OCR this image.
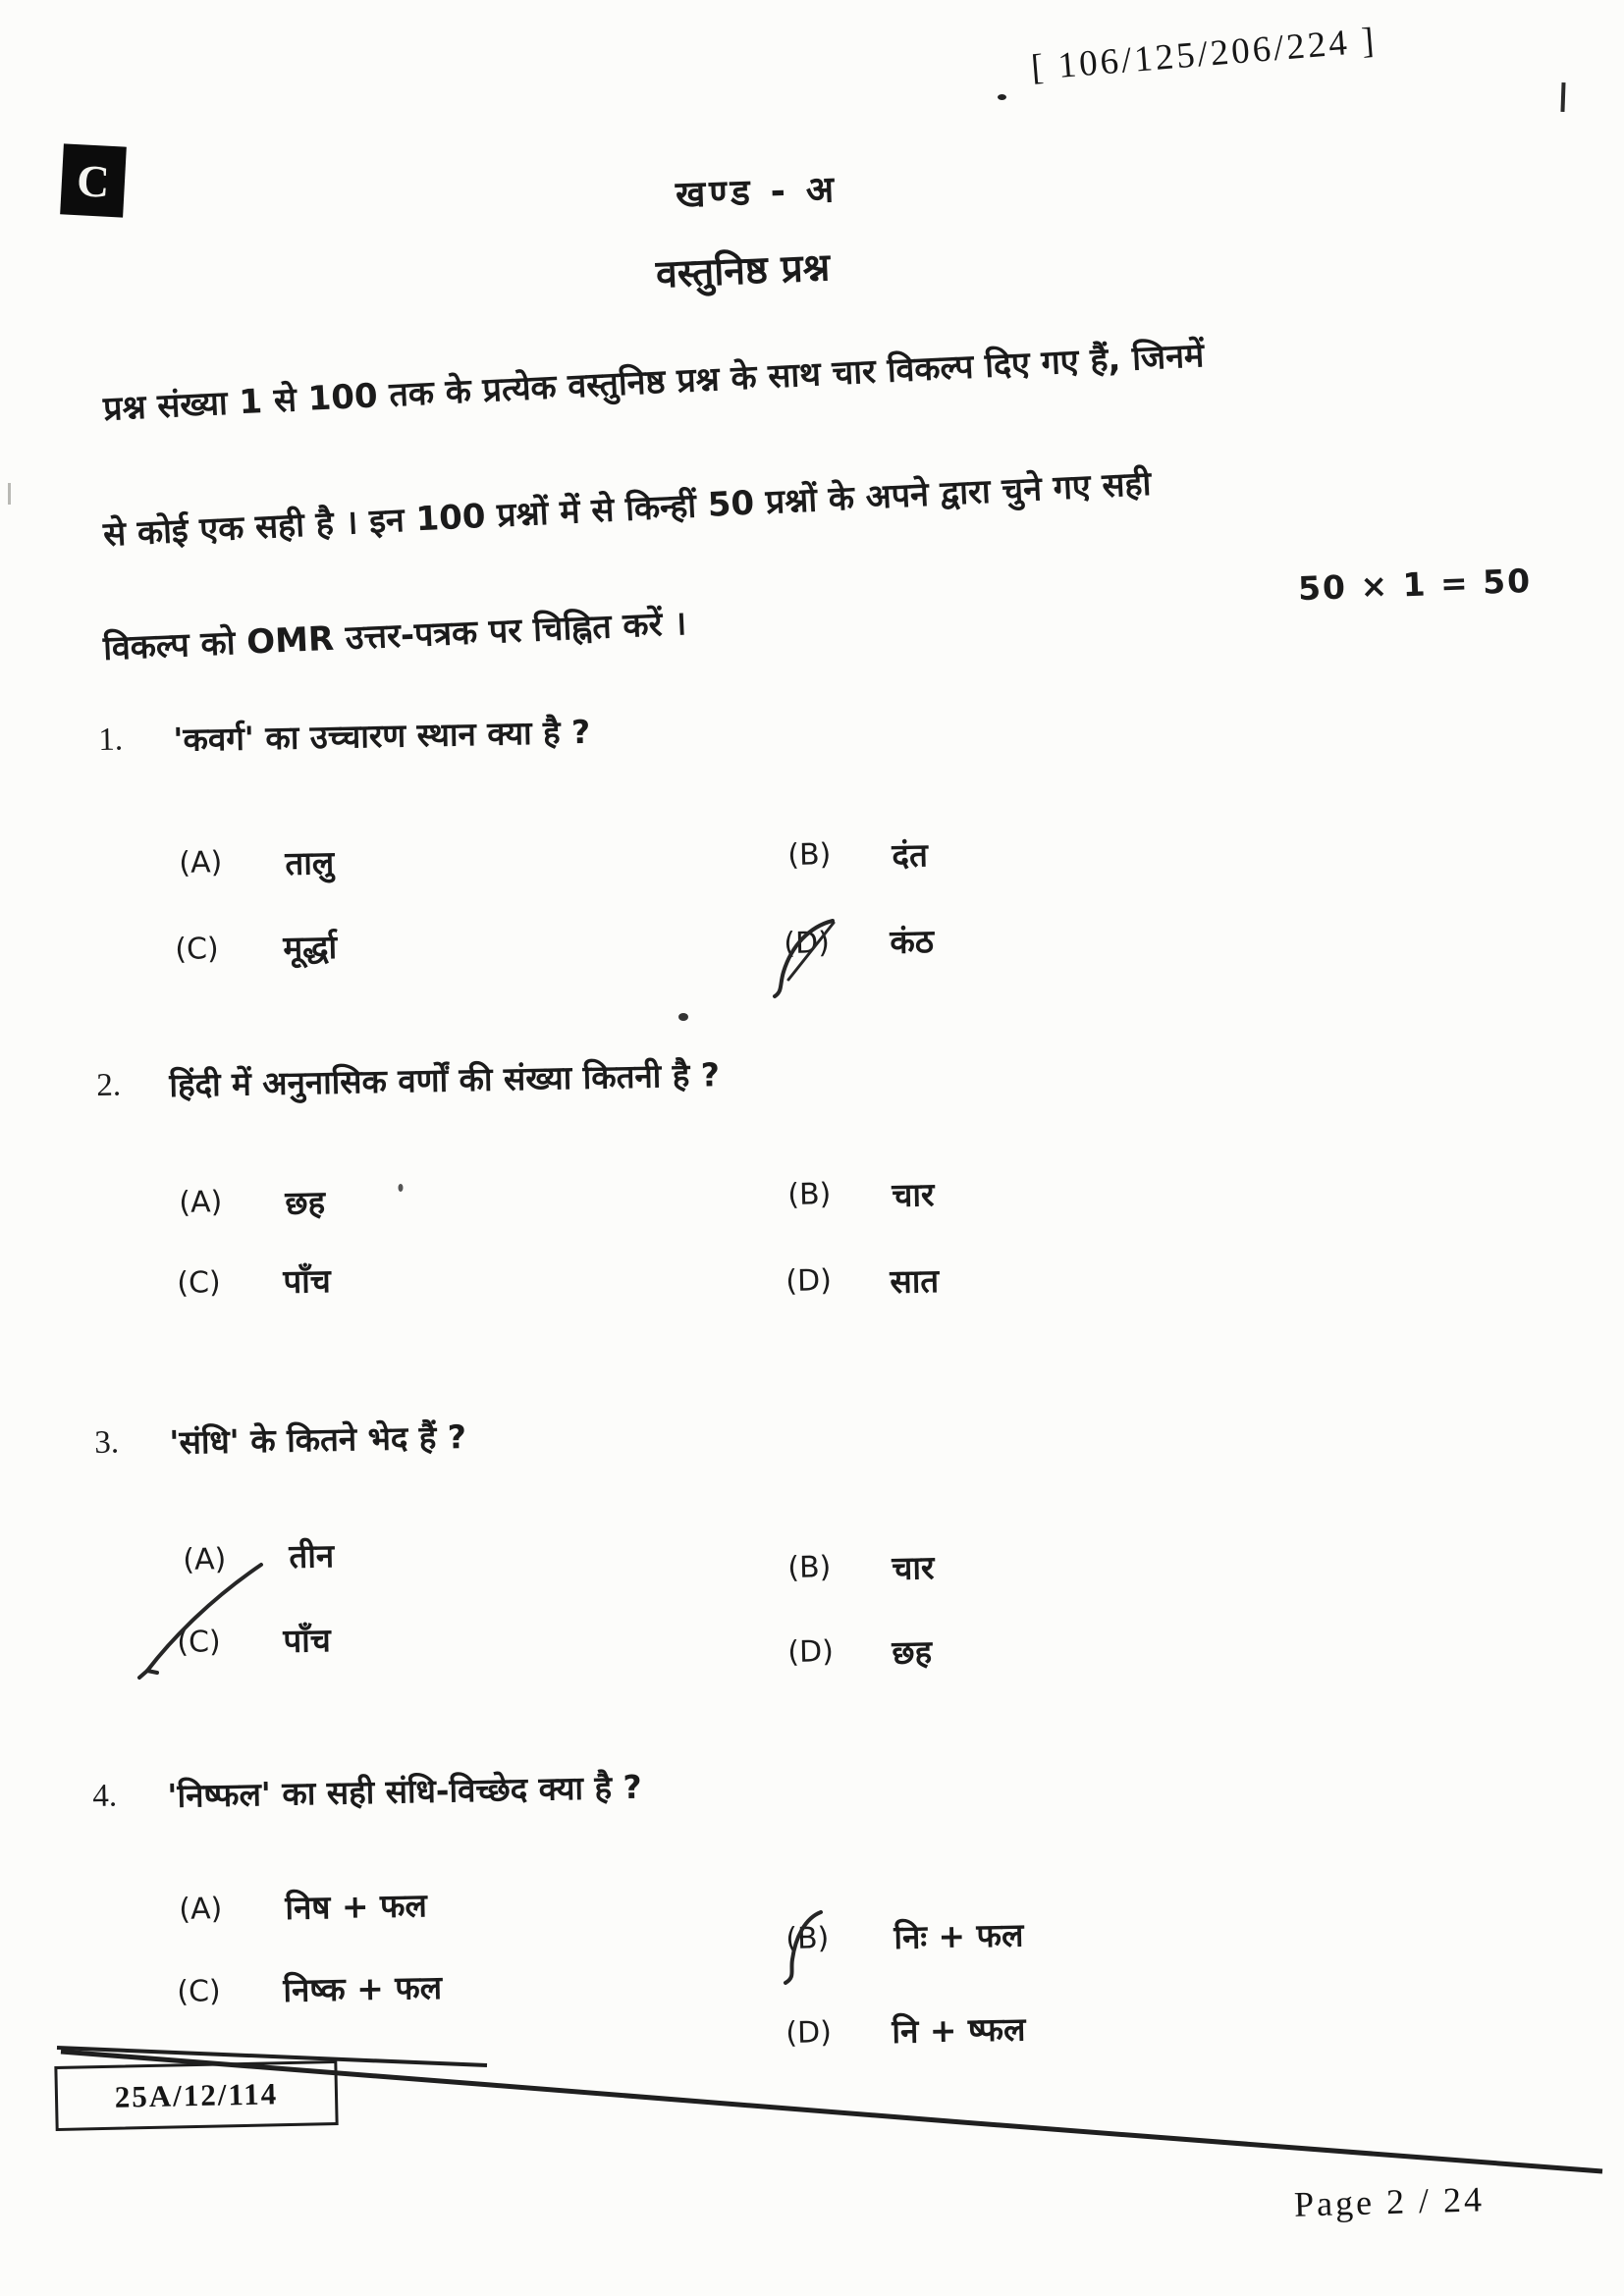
[ 106/125/206/224 ]
C	खण्ड - अ
वस्तुनिष्ठ प्रश्न
प्रश्न संख्या 1 से 100 तक के प्रत्येक वस्तुनिष्ठ प्रश्न के साथ चार विकल्प दिए गए हैं, जिनमें
से कोई एक सही है । इन 100 प्रश्नों में से किन्हीं 50 प्रश्नों के अपने द्वारा चुने गए सही
विकल्प को OMR उत्तर-पत्रक पर चिह्नित करें ।
50 × 1 = 50
1. 'कवर्ग' का उच्चारण स्थान क्या है ?
(A) तालु	(B) दंत
(C) मूर्द्धा	(D) कंठ
2. हिंदी में अनुनासिक वर्णों की संख्या कितनी है ?
(A) छह	(B) चार
(C) पाँच	(D) सात
3. 'संधि' के कितने भेद हैं ?
(A) तीन	(B) चार
(C) पाँच	(D) छह
4. 'निष्फल' का सही संधि-विच्छेद क्या है ?
(A) निष + फल
(B) निः + फल
(C) निष्क + फल
(D) नि + ष्फल
25A/12/114
Page 2 / 24
